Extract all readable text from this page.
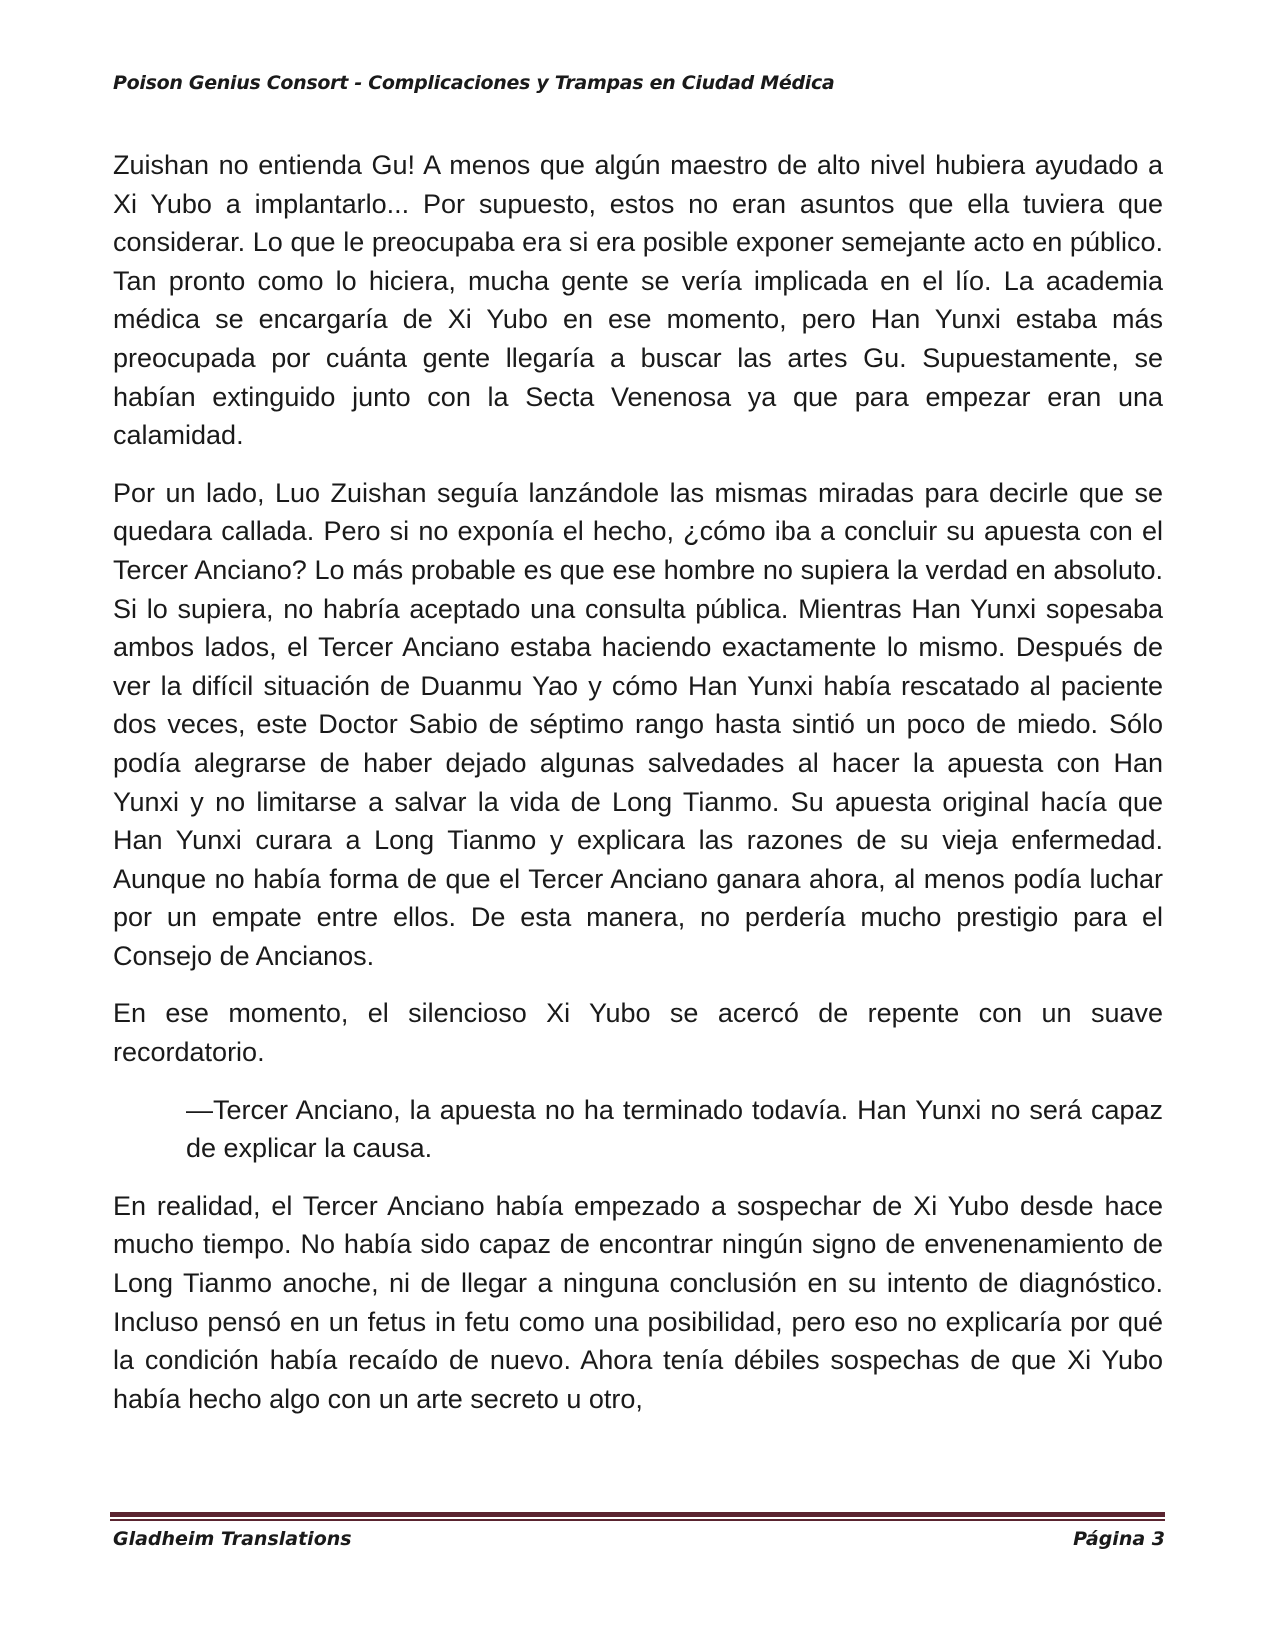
Poison Genius Consort - Complicaciones y Trampas en Ciudad Médica

Zuishan no entienda Gu! A menos que algún maestro de alto nivel hubiera ayudado a Xi Yubo a implantarlo... Por supuesto, estos no eran asuntos que ella tuviera que considerar. Lo que le preocupaba era si era posible exponer semejante acto en público. Tan pronto como lo hiciera, mucha gente se vería implicada en el lío. La academia médica se encargaría de Xi Yubo en ese momento, pero Han Yunxi estaba más preocupada por cuánta gente llegaría a buscar las artes Gu. Supuestamente, se habían extinguido junto con la Secta Venenosa ya que para empezar eran una calamidad.

Por un lado, Luo Zuishan seguía lanzándole las mismas miradas para decirle que se quedara callada. Pero si no exponía el hecho, ¿cómo iba a concluir su apuesta con el Tercer Anciano? Lo más probable es que ese hombre no supiera la verdad en absoluto. Si lo supiera, no habría aceptado una consulta pública. Mientras Han Yunxi sopesaba ambos lados, el Tercer Anciano estaba haciendo exactamente lo mismo. Después de ver la difícil situación de Duanmu Yao y cómo Han Yunxi había rescatado al paciente dos veces, este Doctor Sabio de séptimo rango hasta sintió un poco de miedo. Sólo podía alegrarse de haber dejado algunas salvedades al hacer la apuesta con Han Yunxi y no limitarse a salvar la vida de Long Tianmo. Su apuesta original hacía que Han Yunxi curara a Long Tianmo y explicara las razones de su vieja enfermedad. Aunque no había forma de que el Tercer Anciano ganara ahora, al menos podía luchar por un empate entre ellos. De esta manera, no perdería mucho prestigio para el Consejo de Ancianos.

En ese momento, el silencioso Xi Yubo se acercó de repente con un suave recordatorio.

—Tercer Anciano, la apuesta no ha terminado todavía. Han Yunxi no será capaz de explicar la causa.

En realidad, el Tercer Anciano había empezado a sospechar de Xi Yubo desde hace mucho tiempo. No había sido capaz de encontrar ningún signo de envenenamiento de Long Tianmo anoche, ni de llegar a ninguna conclusión en su intento de diagnóstico. Incluso pensó en un fetus in fetu como una posibilidad, pero eso no explicaría por qué la condición había recaído de nuevo. Ahora tenía débiles sospechas de que Xi Yubo había hecho algo con un arte secreto u otro,

Gladheim Translations	Página 3
